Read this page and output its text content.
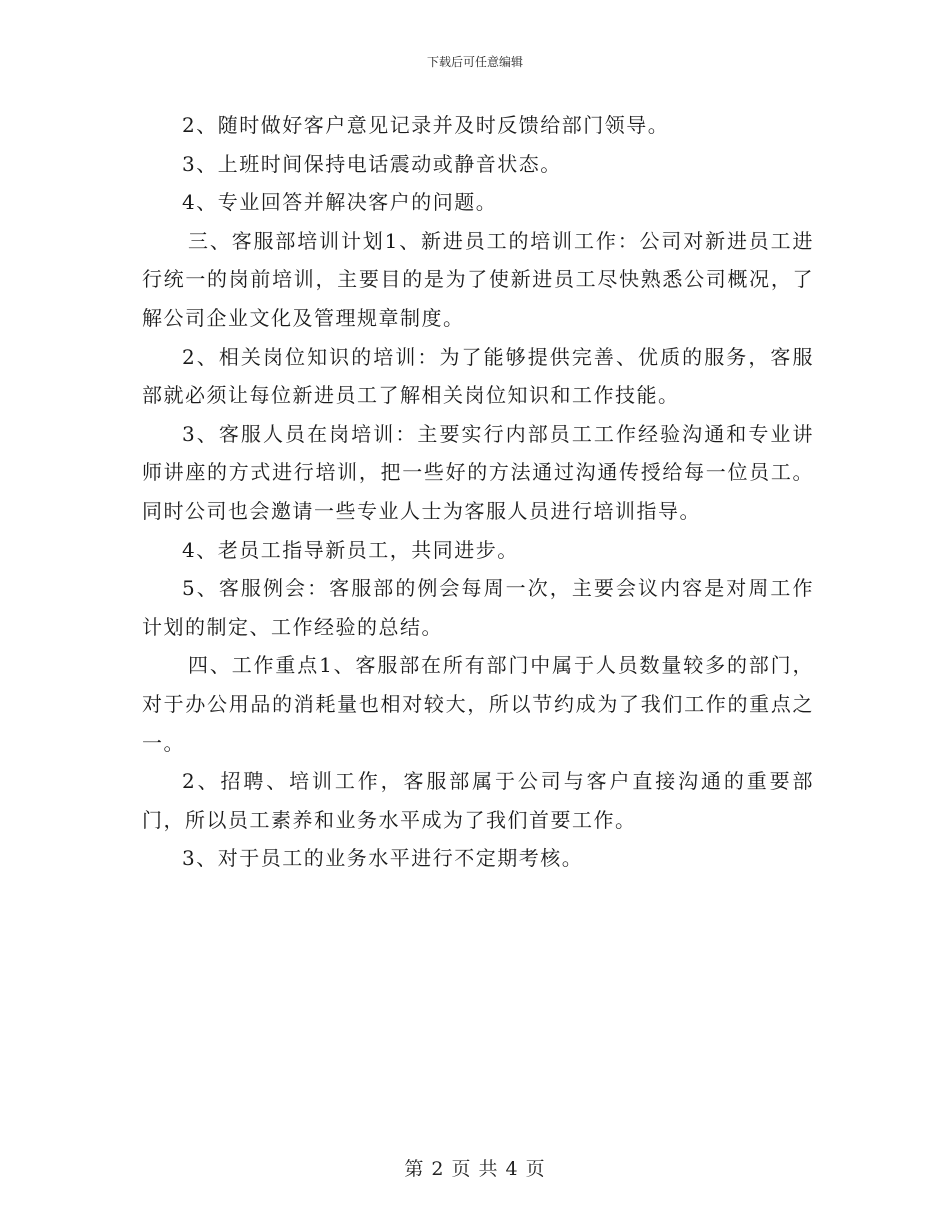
下载后可任意编辑

2、随时做好客户意见记录并及时反馈给部门领导。

3、上班时间保持电话震动或静音状态。

4、专业回答并解决客户的问题。

三、客服部培训计划1、新进员工的培训工作：公司对新进员工进行统一的岗前培训，主要目的是为了使新进员工尽快熟悉公司概况，了解公司企业文化及管理规章制度。

2、相关岗位知识的培训：为了能够提供完善、优质的服务，客服部就必须让每位新进员工了解相关岗位知识和工作技能。

3、客服人员在岗培训：主要实行内部员工工作经验沟通和专业讲师讲座的方式进行培训，把一些好的方法通过沟通传授给每一位员工。同时公司也会邀请一些专业人士为客服人员进行培训指导。

4、老员工指导新员工，共同进步。

5、客服例会：客服部的例会每周一次，主要会议内容是对周工作计划的制定、工作经验的总结。

四、工作重点1、客服部在所有部门中属于人员数量较多的部门，对于办公用品的消耗量也相对较大，所以节约成为了我们工作的重点之一。

2、招聘、培训工作，客服部属于公司与客户直接沟通的重要部门，所以员工素养和业务水平成为了我们首要工作。

3、对于员工的业务水平进行不定期考核。

第 2 页 共 4 页
